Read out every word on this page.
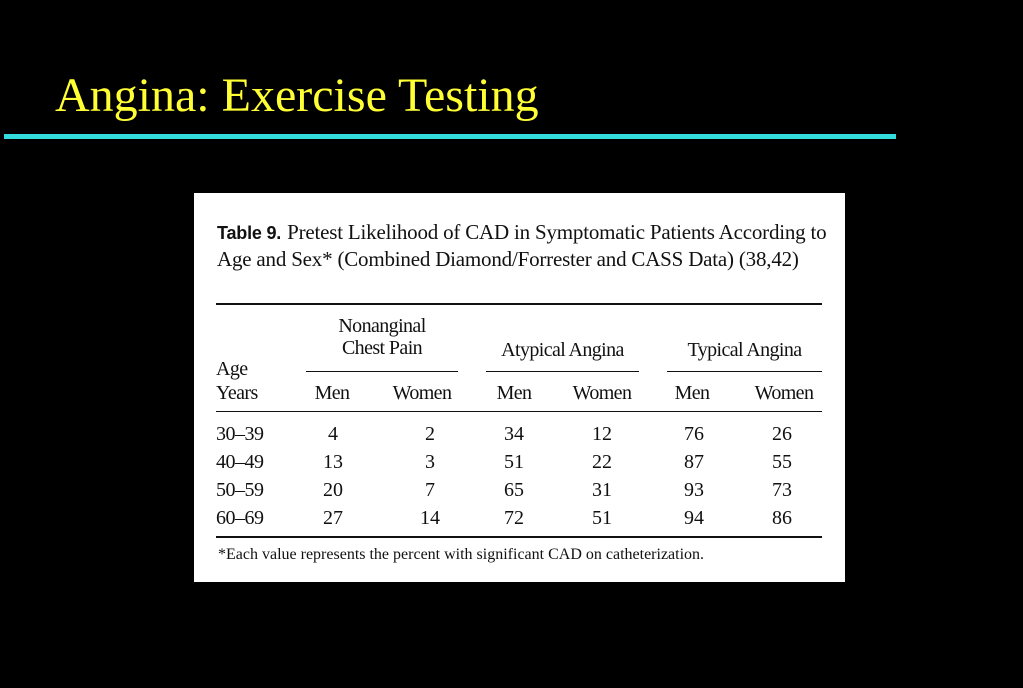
Angina: Exercise Testing
Table 9. Pretest Likelihood of CAD in Symptomatic Patients According to Age and Sex* (Combined Diamond/Forrester and CASS Data) (38,42)
Age
Years
Nonanginal
Chest Pain	Atypical Angina	Typical Angina
Men	Women	Men	Women	Men	Women
30–39	4	2	34	12	76	26
40–49	13	3	51	22	87	55
50–59	20	7	65	31	93	73
60–69	27	14	72	51	94	86
*Each value represents the percent with significant CAD on catheterization.
